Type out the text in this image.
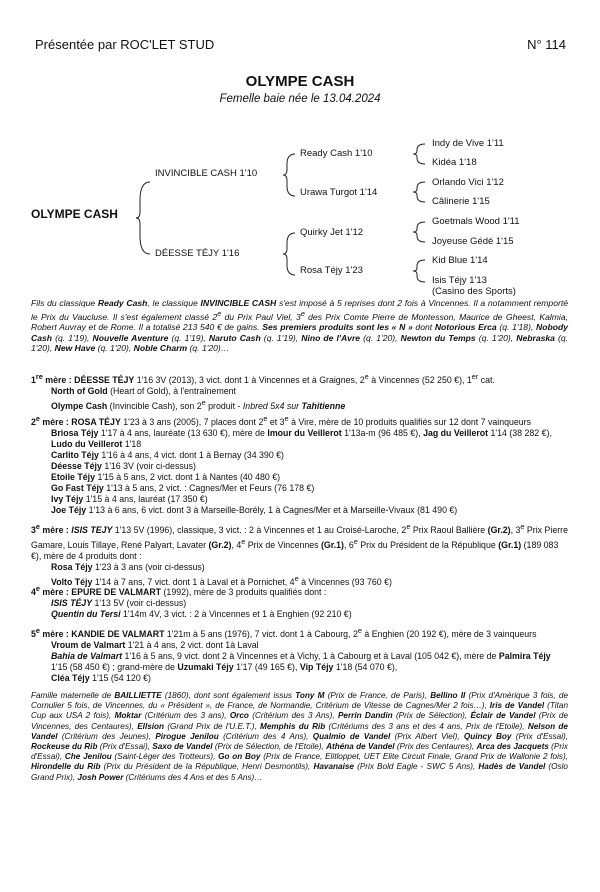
Présentée par ROC'LET STUD	N° 114
OLYMPE CASH
Femelle baie née le 13.04.2024
OLYMPE CASH
INVINCIBLE CASH 1'10
DÉESSE TÉJY 1'16
Ready Cash 1'10
Urawa Turgot 1'14
Quirky Jet 1'12
Rosa Téjy 1'23
Indy de Vive 1'11
Kidéa 1'18
Orlando Vici 1'12
Câlinerie 1'15
Goetmals Wood 1'11
Joyeuse Gédé 1'15
Kid Blue 1'14
Isis Téjy 1'13
(Casino des Sports)
Fils du classique Ready Cash, le classique INVINCIBLE CASH s'est imposé à 5 reprises dont 2 fois à Vincennes. Il a notamment remporté le Prix du Vaucluse. Il s'est également classé 2e du Prix Paul Viel, 3e des Prix Comte Pierre de Montesson, Maurice de Gheest, Kalmia, Robert Auvray et de Rome. Il a totalisé 213 540 € de gains. Ses premiers produits sont les « N » dont Notorious Erca (q. 1'18), Nobody Cash (q. 1'19), Nouvelle Aventure (q. 1'19), Naruto Cash (q. 1'19), Nino de l'Avre (q. 1'20), Newton du Temps (q. 1'20), Nebraska (q. 1'20), New Have (q. 1'20), Noble Charm (q. 1'20)…

1re mère : DÉESSE TÉJY 1'16 3V (2013), 3 vict. dont 1 à Vincennes et à Graignes, 2e à Vincennes (52 250 €), 1er cat.

North of Gold (Heart of Gold), à l'entraînement

Olympe Cash (Invincible Cash), son 2e produit - Inbred 5x4 sur Tahitienne

2e mère : ROSA TÉJY 1'23 à 3 ans (2005), 7 places dont 2e et 3e à Vire, mère de 10 produits qualifiés sur 12 dont 7 vainqueurs

Briosa Téjy 1'17 à 4 ans, lauréate (13 630 €), mère de Imour du Veillerot 1'13a-m (96 485 €), Jag du Veillerot 1'14 (38 282 €), Ludo du Veillerot 1'18

Carlito Téjy 1'16 à 4 ans, 4 vict. dont 1 à Bernay (34 390 €)

Déesse Téjy 1'16 3V (voir ci-dessus)

Etoile Téjy 1'15 à 5 ans, 2 vict. dont 1 à Nantes (40 480 €)

Go Fast Téjy 1'13 à 5 ans, 2 vict. : Cagnes/Mer et Feurs (76 178 €)

Ivy Téjy 1'15 à 4 ans, lauréat (17 350 €)

Joe Téjy 1'13 à 6 ans, 6 vict. dont 3 à Marseille-Borély, 1 à Cagnes/Mer et à Marseille-Vivaux (81 490 €)

3e mère : ISIS TEJY 1'13 5V (1996), classique, 3 vict. : 2 à Vincennes et 1 au Croisé-Laroche, 2e Prix Raoul Ballière (Gr.2), 3e Prix Pierre Gamare, Louis Tillaye, René Palyart, Lavater (Gr.2), 4e Prix de Vincennes (Gr.1), 6e Prix du Président de la République (Gr.1) (189 083 €), mère de 4 produits dont :

Rosa Téjy 1'23 à 3 ans (voir ci-dessus)

Volto Téjy 1'14 à 7 ans, 7 vict. dont 1 à Laval et à Pornichet, 4e à Vincennes (93 760 €)

4e mère : EPURE DE VALMART (1992), mère de 3 produits qualifiés dont :

ISIS TÉJY 1'13 5V (voir ci-dessus)

Quentin du Tersi 1'14m 4V, 3 vict. : 2 à Vincennes et 1 à Enghien (92 210 €)

5e mère : KANDIE DE VALMART 1'21m à 5 ans (1976), 7 vict. dont 1 à Cabourg, 2e à Enghien (20 192 €), mère de 3 vainqueurs

Vroum de Valmart 1'21 à 4 ans, 2 vict. dont 1à Laval

Bahia de Valmart 1'16 à 5 ans, 9 vict. dont 2 à Vincennes et à Vichy, 1 à Cabourg et à Laval (105 042 €), mère de Palmira Téjy 1'15 (58 450 €) ; grand-mère de Uzumaki Téjy 1'17 (49 165 €), Vip Téjy 1'18 (54 070 €),

Cléa Téjy 1'15 (54 120 €)

Famille maternelle de BAILLIETTE (1860), dont sont également issus Tony M (Prix de France, de Paris), Bellino II (Prix d'Amérique 3 fois, de Cornulier 5 fois, de Vincennes, du « Président », de France, de Normandie, Critérium de Vitesse de Cagnes/Mer 2 fois…), Iris de Vandel (Titan Cup aux USA 2 fois), Moktar (Critérium des 3 ans), Orco (Critérium des 3 Ans), Perrin Dandin (Prix de Sélection), Éclair de Vandel (Prix de Vincennes, des Centaures), Ellsion (Grand Prix de l'U.E.T.), Memphis du Rib (Critériums des 3 ans et des 4 ans, Prix de l'Etoile), Nelson de Vandel (Critérium des Jeunes), Pirogue Jenilou (Critérium des 4 Ans), Qualmio de Vandel (Prix Albert Viel), Quincy Boy (Prix d'Essai), Rockeuse du Rib (Prix d'Essai), Saxo de Vandel (Prix de Sélection, de l'Etoile), Athéna de Vandel (Prix des Centaures), Arca des Jacquets (Prix d'Essai), Che Jenilou (Saint-Léger des Trotteurs), Go on Boy (Prix de France, Elitloppet, UET Elite Circuit Finale, Grand Prix de Wallonie 2 fois), Hirondelle du Rib (Prix du Président de la République, Henri Desmontils), Havanaise (Prix Bold Eagle - SWC 5 Ans), Hadès de Vandel (Oslo Grand Prix), Josh Power (Critériums des 4 Ans et des 5 Ans)…
